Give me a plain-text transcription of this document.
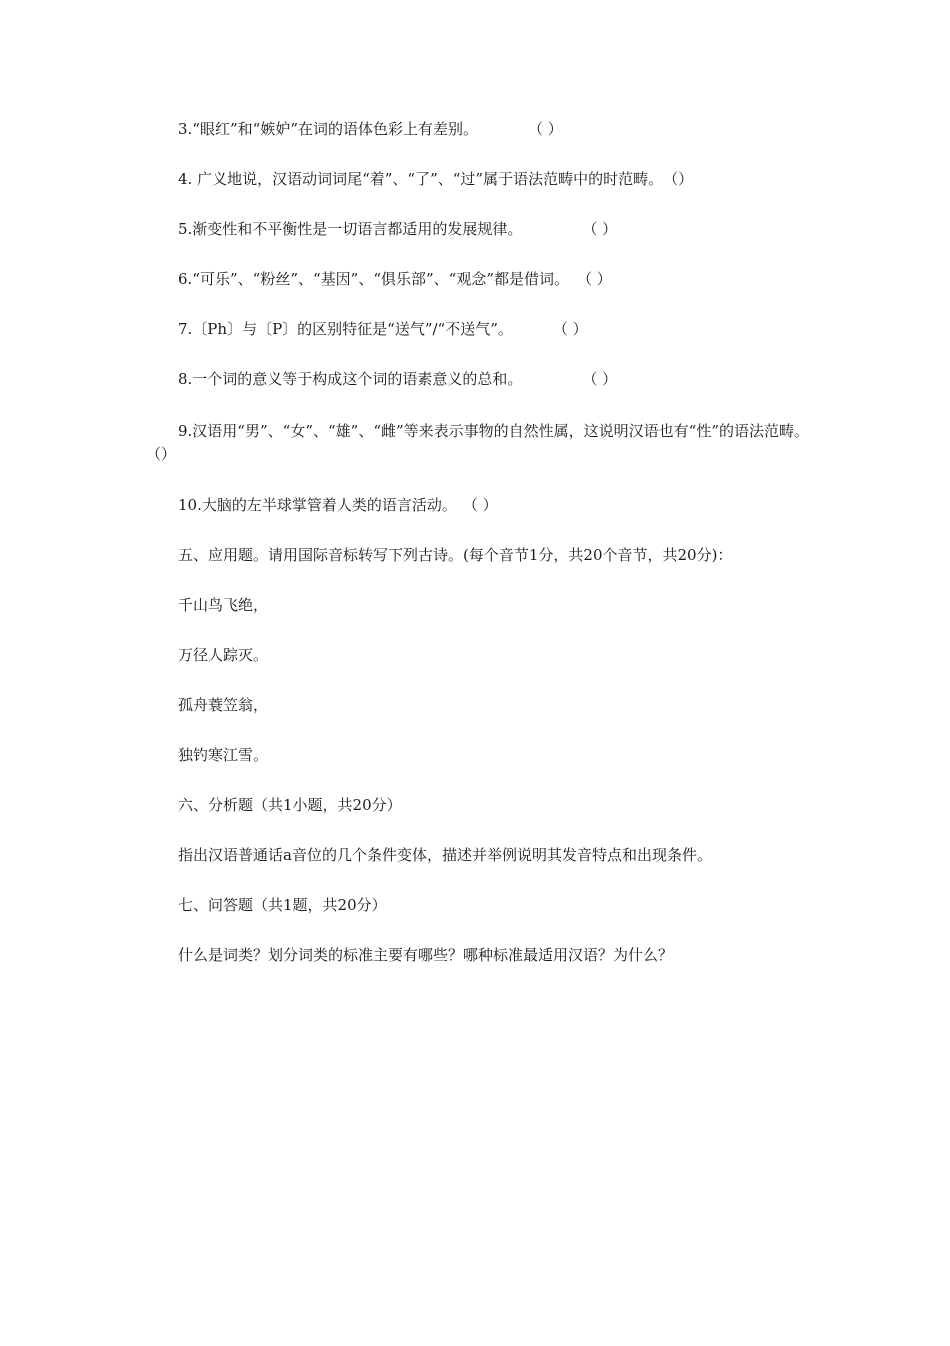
3.“眼红”和“嫉妒”在词的语体色彩上有差别。	（ ）
4. 广义地说，汉语动词词尾“着”、“了”、“过”属于语法范畴中的时范畴。（）
5.渐变性和不平衡性是一切语言都适用的发展规律。	（ ）
6.“可乐”、“粉丝”、“基因”、“俱乐部”、“观念”都是借词。 （ ）
7.〔Ph〕与〔P〕的区别特征是“送气”/“不送气”。	（ ）
8.一个词的意义等于构成这个词的语素意义的总和。	（ ）
9.汉语用“男”、“女”、“雄”、“雌”等来表示事物的自然性属，这说明汉语也有“性”的语法范畴。（）
10.大脑的左半球掌管着人类的语言活动。 （ ）
五、应用题。请用国际音标转写下列古诗。(每个音节1分，共20个音节，共20分)：
千山鸟飞绝，
万径人踪灭。
孤舟蓑笠翁，
独钓寒江雪。
六、分析题（共1小题，共20分）
指出汉语普通话a音位的几个条件变体，描述并举例说明其发音特点和出现条件。
七、问答题（共1题，共20分）
什么是词类？划分词类的标准主要有哪些？哪种标准最适用汉语？为什么？
